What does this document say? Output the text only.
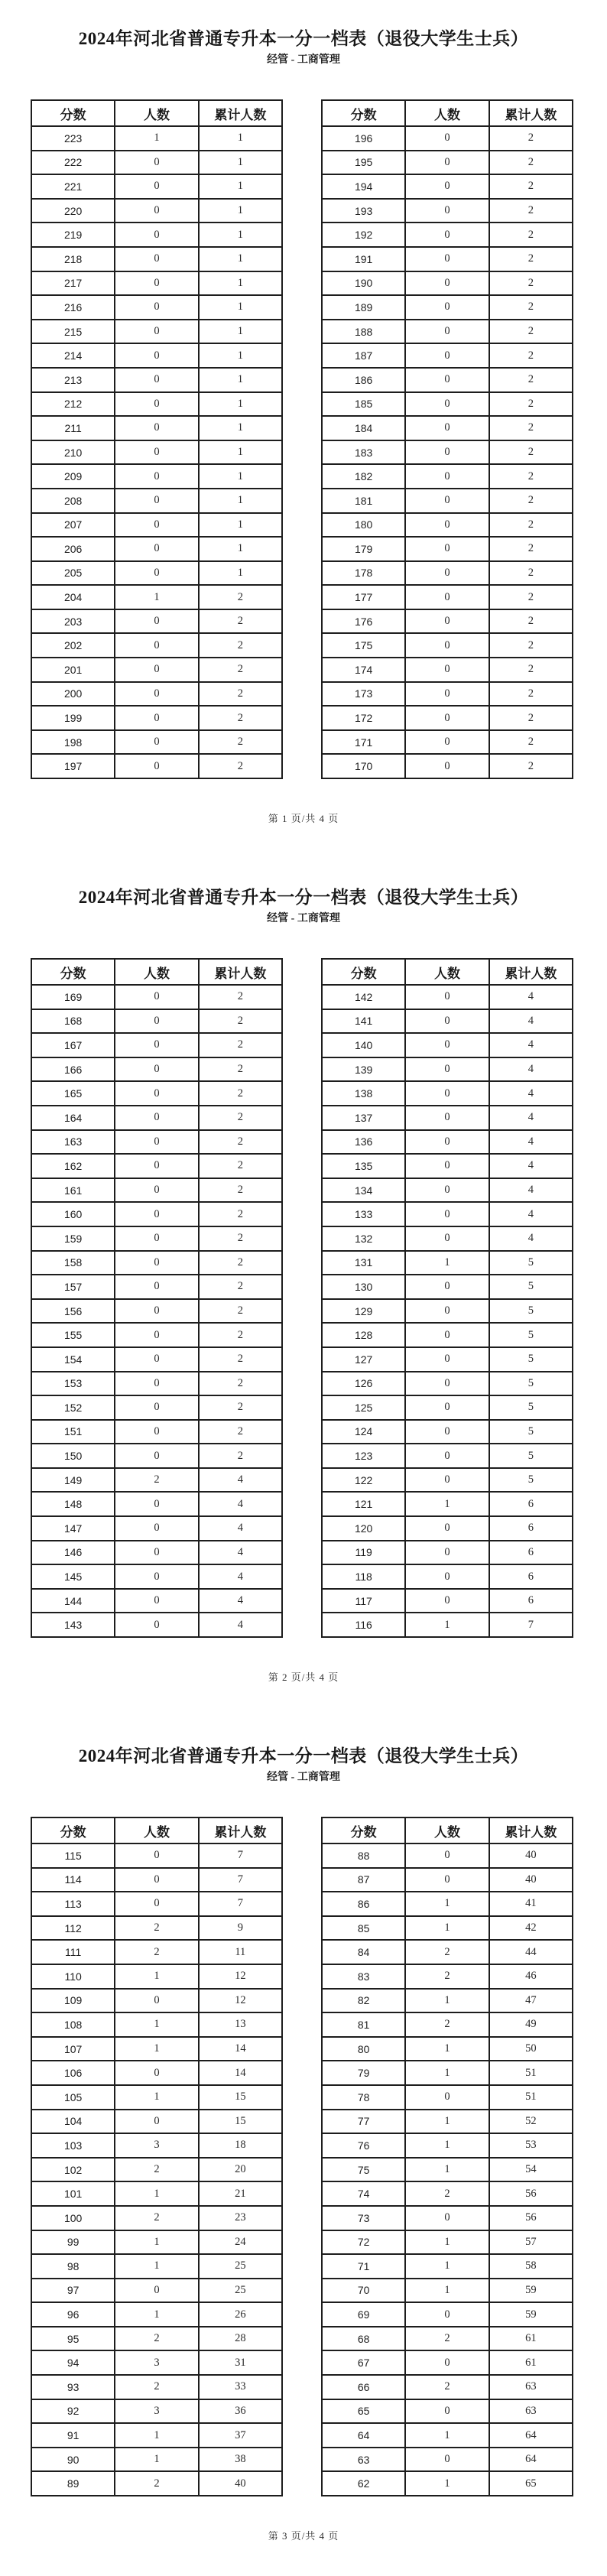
2024年河北省普通专升本一分一档表（退役大学生士兵）
经管 - 工商管理
分数	人数	累计人数
223	1	1
222	0	1
221	0	1
220	0	1
219	0	1
218	0	1
217	0	1
216	0	1
215	0	1
214	0	1
213	0	1
212	0	1
211	0	1
210	0	1
209	0	1
208	0	1
207	0	1
206	0	1
205	0	1
204	1	2
203	0	2
202	0	2
201	0	2
200	0	2
199	0	2
198	0	2
197	0	2
分数	人数	累计人数
196	0	2
195	0	2
194	0	2
193	0	2
192	0	2
191	0	2
190	0	2
189	0	2
188	0	2
187	0	2
186	0	2
185	0	2
184	0	2
183	0	2
182	0	2
181	0	2
180	0	2
179	0	2
178	0	2
177	0	2
176	0	2
175	0	2
174	0	2
173	0	2
172	0	2
171	0	2
170	0	2
第 1 页/共 4 页
2024年河北省普通专升本一分一档表（退役大学生士兵）
经管 - 工商管理
分数	人数	累计人数
169	0	2
168	0	2
167	0	2
166	0	2
165	0	2
164	0	2
163	0	2
162	0	2
161	0	2
160	0	2
159	0	2
158	0	2
157	0	2
156	0	2
155	0	2
154	0	2
153	0	2
152	0	2
151	0	2
150	0	2
149	2	4
148	0	4
147	0	4
146	0	4
145	0	4
144	0	4
143	0	4
分数	人数	累计人数
142	0	4
141	0	4
140	0	4
139	0	4
138	0	4
137	0	4
136	0	4
135	0	4
134	0	4
133	0	4
132	0	4
131	1	5
130	0	5
129	0	5
128	0	5
127	0	5
126	0	5
125	0	5
124	0	5
123	0	5
122	0	5
121	1	6
120	0	6
119	0	6
118	0	6
117	0	6
116	1	7
第 2 页/共 4 页
2024年河北省普通专升本一分一档表（退役大学生士兵）
经管 - 工商管理
分数	人数	累计人数
115	0	7
114	0	7
113	0	7
112	2	9
111	2	11
110	1	12
109	0	12
108	1	13
107	1	14
106	0	14
105	1	15
104	0	15
103	3	18
102	2	20
101	1	21
100	2	23
99	1	24
98	1	25
97	0	25
96	1	26
95	2	28
94	3	31
93	2	33
92	3	36
91	1	37
90	1	38
89	2	40
分数	人数	累计人数
88	0	40
87	0	40
86	1	41
85	1	42
84	2	44
83	2	46
82	1	47
81	2	49
80	1	50
79	1	51
78	0	51
77	1	52
76	1	53
75	1	54
74	2	56
73	0	56
72	1	57
71	1	58
70	1	59
69	0	59
68	2	61
67	0	61
66	2	63
65	0	63
64	1	64
63	0	64
62	1	65
第 3 页/共 4 页
